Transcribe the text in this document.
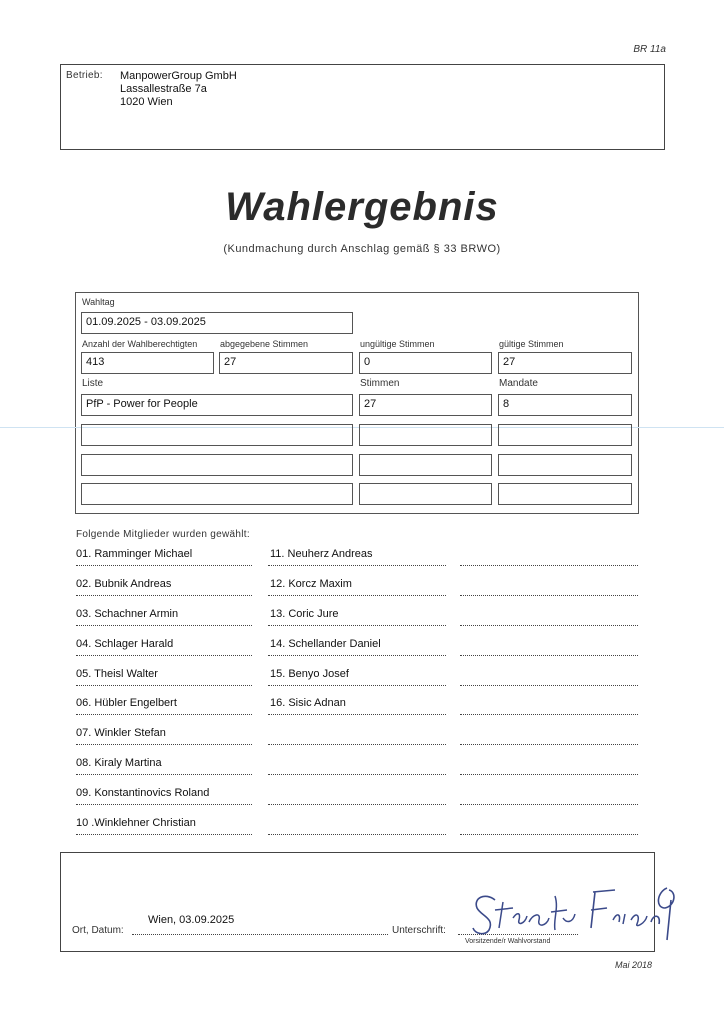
BR 11a
Betrieb: ManpowerGroup GmbH
Lassallestraße 7a
1020 Wien
Wahlergebnis
(Kundmachung durch Anschlag gemäß § 33 BRWO)
Wahltag
01.09.2025 - 03.09.2025
Anzahl der Wahlberechtigten	abgegebene Stimmen	ungültige Stimmen	gültige Stimmen
413	27	0	27
Liste	Stimmen	Mandate
PfP - Power for People	27	8
Folgende Mitglieder wurden gewählt:
01. Ramminger Michael
02. Bubnik Andreas
03. Schachner Armin
04. Schlager Harald
05. Theisl Walter
06. Hübler Engelbert
07. Winkler Stefan
08. Kiraly Martina
09. Konstantinovics Roland
10 .Winklehner Christian
11. Neuherz Andreas
12. Korcz Maxim
13. Coric Jure
14. Schellander Daniel
15. Benyo Josef
16. Sisic Adnan
Ort, Datum:
Wien, 03.09.2025
Unterschrift:
Vorsitzende/r Wahlvorstand
Mai 2018
